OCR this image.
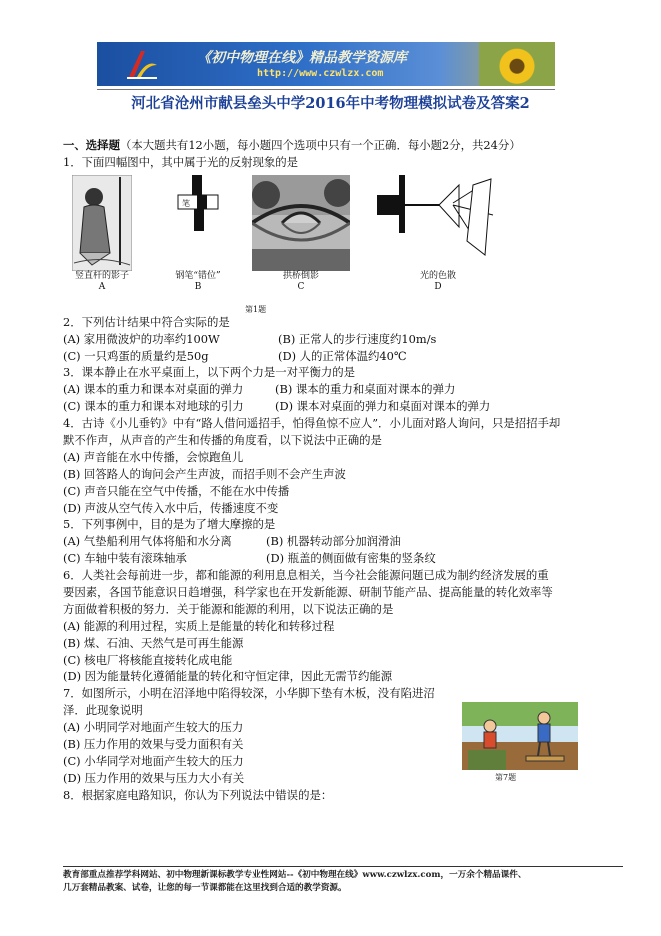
《初中物理在线》精品教学资源库
http://www.czwlzx.com
河北省沧州市献县垒头中学2016年中考物理模拟试卷及答案2
一、选择题（本大题共有12小题，每小题四个选项中只有一个正确．每小题2分，共24分）
1．下面四幅图中，其中属于光的反射现象的是
竖直杆的影子
A
笔
钢笔“错位”
B
拱桥倒影
C
光的色散
D
第1题
2．下列估计结果中符合实际的是
(A) 家用微波炉的功率约100W	(B) 正常人的步行速度约10m/s
(C) 一只鸡蛋的质量约是50g	(D) 人的正常体温约40℃
3．课本静止在水平桌面上，以下两个力是一对平衡力的是
(A) 课本的重力和课本对桌面的弹力	(B) 课本的重力和桌面对课本的弹力
(C) 课本的重力和课本对地球的引力	(D) 课本对桌面的弹力和桌面对课本的弹力
4．古诗《小儿垂钓》中有“路人借问遥招手，怕得鱼惊不应人”．小儿面对路人询问，只是招招手却
默不作声，从声音的产生和传播的角度看，以下说法中正确的是
(A) 声音能在水中传播，会惊跑鱼儿
(B) 回答路人的询问会产生声波，而招手则不会产生声波
(C) 声音只能在空气中传播，不能在水中传播
(D) 声波从空气传入水中后，传播速度不变
5．下列事例中，目的是为了增大摩擦的是
(A) 气垫船利用气体将船和水分离	(B) 机器转动部分加润滑油
(C) 车轴中装有滚珠轴承	(D) 瓶盖的侧面做有密集的竖条纹
6．人类社会每前进一步，都和能源的利用息息相关，当今社会能源问题已成为制约经济发展的重
要因素，各国节能意识日趋增强，科学家也在开发新能源、研制节能产品、提高能量的转化效率等
方面做着积极的努力．关于能源和能源的利用，以下说法正确的是
(A) 能源的利用过程，实质上是能量的转化和转移过程
(B) 煤、石油、天然气是可再生能源
(C) 核电厂将核能直接转化成电能
(D) 因为能量转化遵循能量的转化和守恒定律，因此无需节约能源
7．如图所示，小明在沼泽地中陷得较深，小华脚下垫有木板，没有陷进沼
泽．此现象说明
(A) 小明同学对地面产生较大的压力
(B) 压力作用的效果与受力面积有关
(C) 小华同学对地面产生较大的压力
(D) 压力作用的效果与压力大小有关
8．根据家庭电路知识，你认为下列说法中错误的是：
第7题
教育部重点推荐学科网站、初中物理新课标教学专业性网站--《初中物理在线》www.czwlzx.com，一万余个精品课件、
几万套精品教案、试卷，让您的每一节课都能在这里找到合适的教学资源。
